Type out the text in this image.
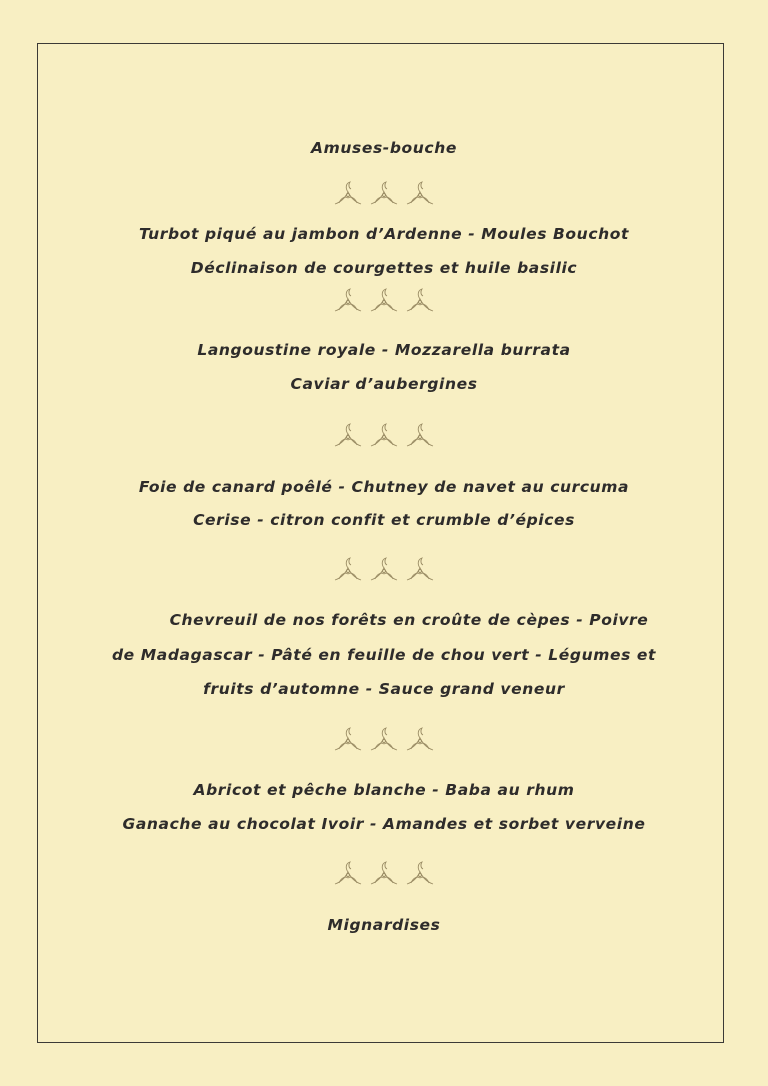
Amuses-bouche
Turbot piqué au jambon d’Ardenne - Moules Bouchot
Déclinaison de courgettes et huile basilic
Langoustine royale - Mozzarella burrata
Caviar d’aubergines
Foie de canard poêlé - Chutney de navet au curcuma
Cerise - citron confit et crumble d’épices
Chevreuil de nos forêts en croûte de cèpes - Poivre
de Madagascar - Pâté en feuille de chou vert - Légumes et
fruits d’automne - Sauce grand veneur
Abricot et pêche blanche - Baba au rhum
Ganache au chocolat Ivoir - Amandes et sorbet verveine
Mignardises
